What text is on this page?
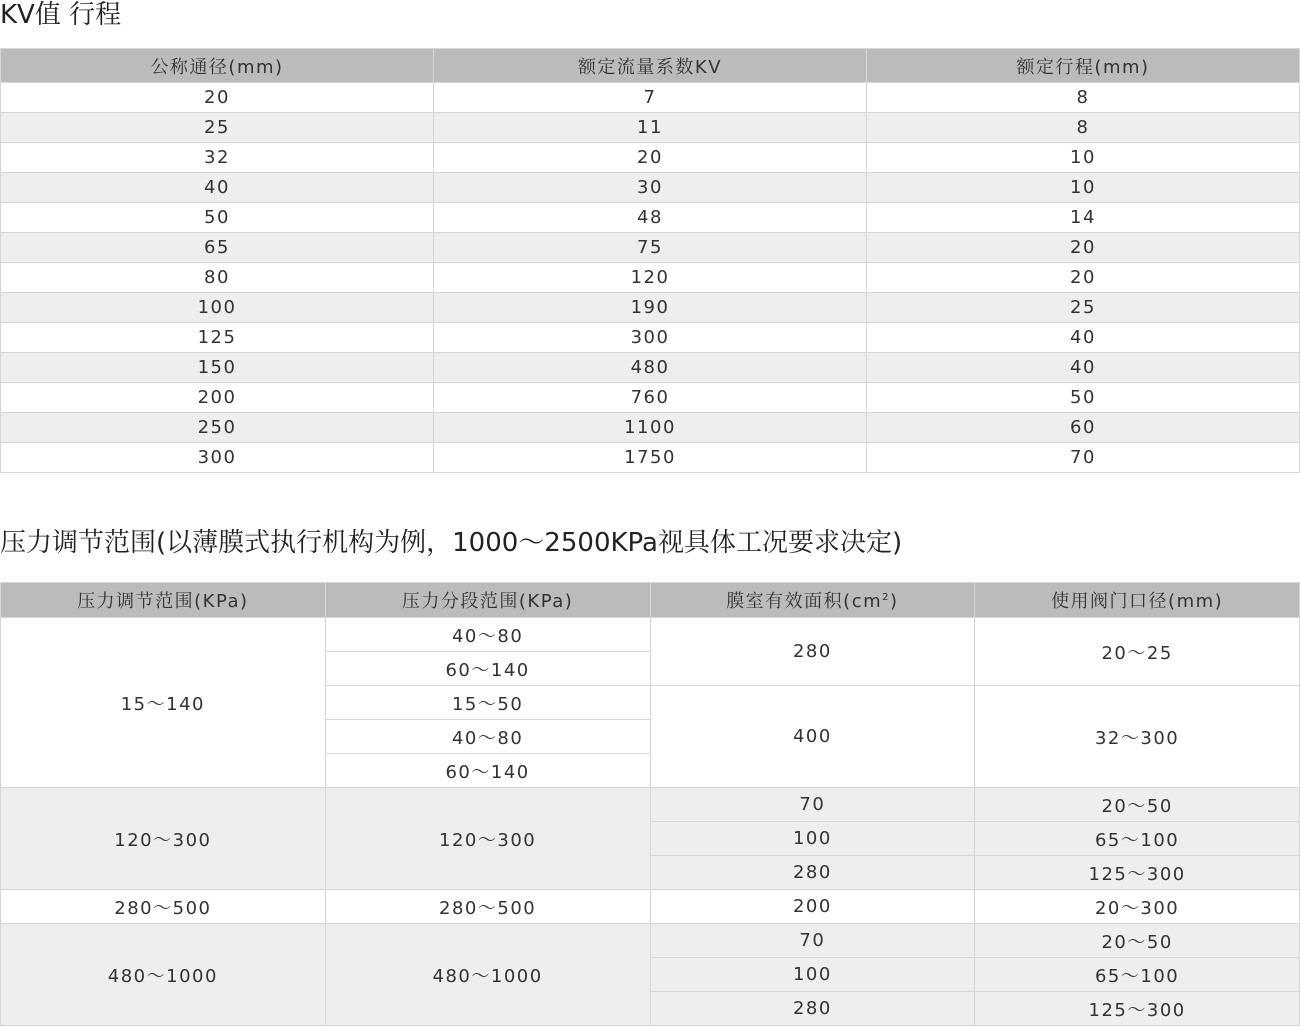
KV值 行程
公称通径(mm)	额定流量系数KV	额定行程(mm)
20	7	8
25	11	8
32	20	10
40	30	10
50	48	14
65	75	20
80	120	20
100	190	25
125	300	40
150	480	40
200	760	50
250	1100	60
300	1750	70
压力调节范围(以薄膜式执行机构为例，1000～2500KPa视具体工况要求决定)
压力调节范围(KPa)	压力分段范围(KPa)	膜室有效面积$(cm^2)$	使用阀门口径(mm)
15～140	40～80	280	20～25
	60～140		
	15～50	400	32～300
	40～80		
	60～140		
120～300	120～300	70	20～50
		100	65～100
		280	125～300
280～500	280～500	200	20～300
480～1000	480～1000	70	20～50
		100	65～100
		280	125～300
